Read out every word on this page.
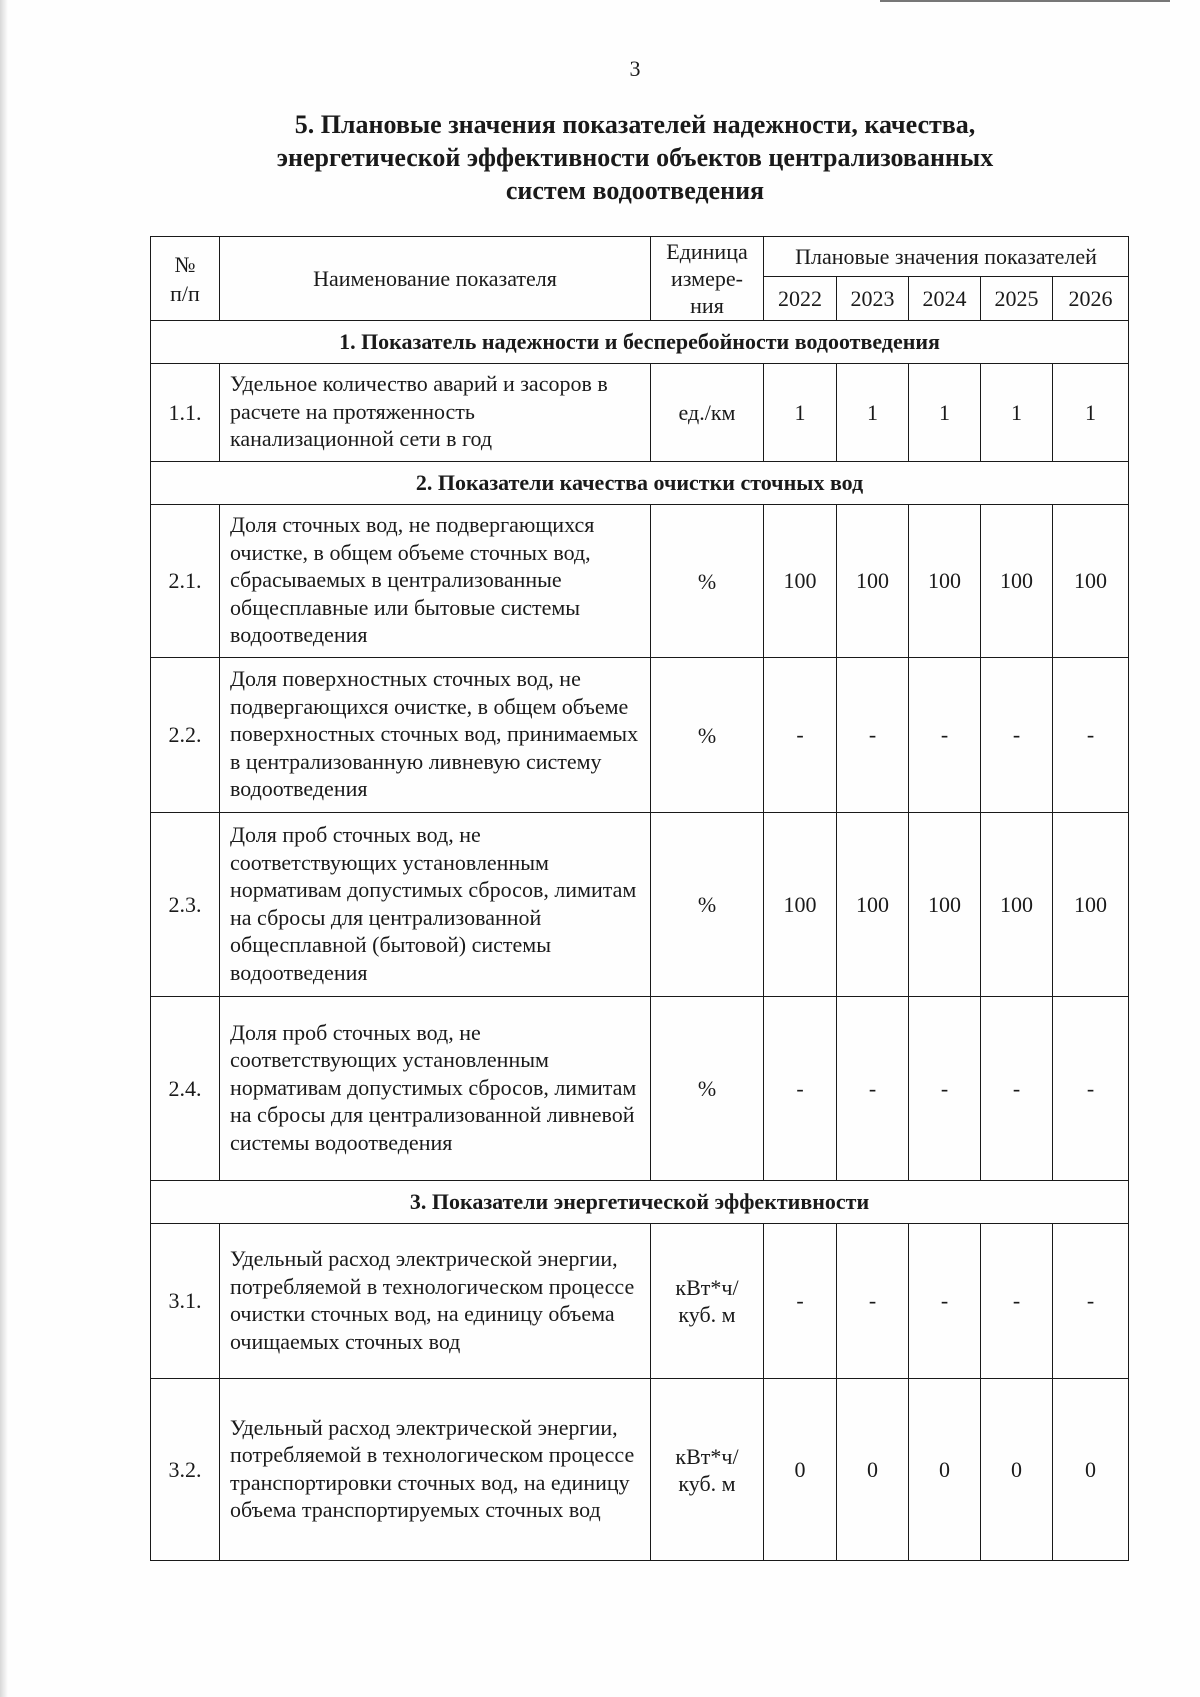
3
5. Плановые значения показателей надежности, качества,
энергетической эффективности объектов централизованных
систем водоотведения
№ п/п	Наименование показателя	Единица измере-ния	Плановые значения показателей				
			2022	2023	2024	2025	2026
1. Показатель надежности и бесперебойности водоотведения							
1.1.	Удельное количество аварий и засоров в расчете на протяженность канализационной сети в год	ед./км	1	1	1	1	1
2. Показатели качества очистки сточных вод							
2.1.	Доля сточных вод, не подвергающихся очистке, в общем объеме сточных вод, сбрасываемых в централизованные общесплавные или бытовые системы водоотведения	%	100	100	100	100	100
2.2.	Доля поверхностных сточных вод, не подвергающихся очистке, в общем объеме поверхностных сточных вод, принимаемых в централизованную ливневую систему водоотведения	%	-	-	-	-	-
2.3.	Доля проб сточных вод, не соответствующих установленным нормативам допустимых сбросов, лимитам на сбросы для централизованной общесплавной (бытовой) системы водоотведения	%	100	100	100	100	100
2.4.	Доля проб сточных вод, не соответствующих установленным нормативам допустимых сбросов, лимитам на сбросы для централизованной ливневой системы водоотведения	%	-	-	-	-	-
3. Показатели энергетической эффективности							
3.1.	Удельный расход электрической энергии, потребляемой в технологическом процессе очистки сточных вод, на единицу объема очищаемых сточных вод	кВт*ч/ куб. м	-	-	-	-	-
3.2.	Удельный расход электрической энергии, потребляемой в технологическом процессе транспортировки сточных вод, на единицу объема транспортируемых сточных вод	кВт*ч/ куб. м	0	0	0	0	0
